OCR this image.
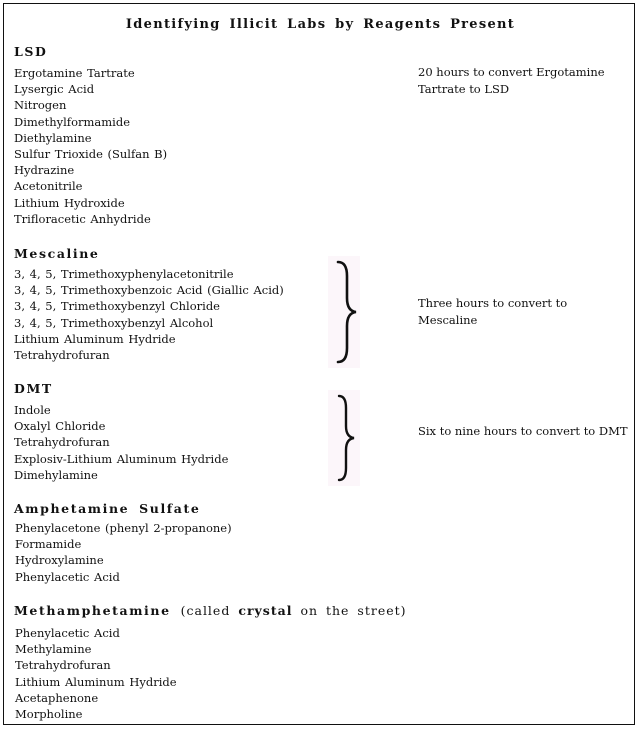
Identifying Illicit Labs by Reagents Present
LSD
Ergotamine Tartrate
Lysergic Acid
Nitrogen
Dimethylformamide
Diethylamine
Sulfur Trioxide (Sulfan B)
Hydrazine
Acetonitrile
Lithium Hydroxide
Trifloracetic Anhydride
20 hours to convert Ergotamine Tartrate to LSD
Mescaline
3, 4, 5, Trimethoxyphenylacetonitrile
3, 4, 5, Trimethoxybenzoic Acid (Giallic Acid)
3, 4, 5, Trimethoxybenzyl Chloride
3, 4, 5, Trimethoxybenzyl Alcohol
Lithium Aluminum Hydride
Tetrahydrofuran
Three hours to convert to Mescaline
DMT
Indole
Oxalyl Chloride
Tetrahydrofuran
Explosiv-Lithium Aluminum Hydride
Dimehylamine
Six to nine hours to convert to DMT
Amphetamine Sulfate
Phenylacetone (phenyl 2-propanone)
Formamide
Hydroxylamine
Phenylacetic Acid
Methamphetamine (called crystal on the street)
Phenylacetic Acid
Methylamine
Tetrahydrofuran
Lithium Aluminum Hydride
Acetaphenone
Morpholine
